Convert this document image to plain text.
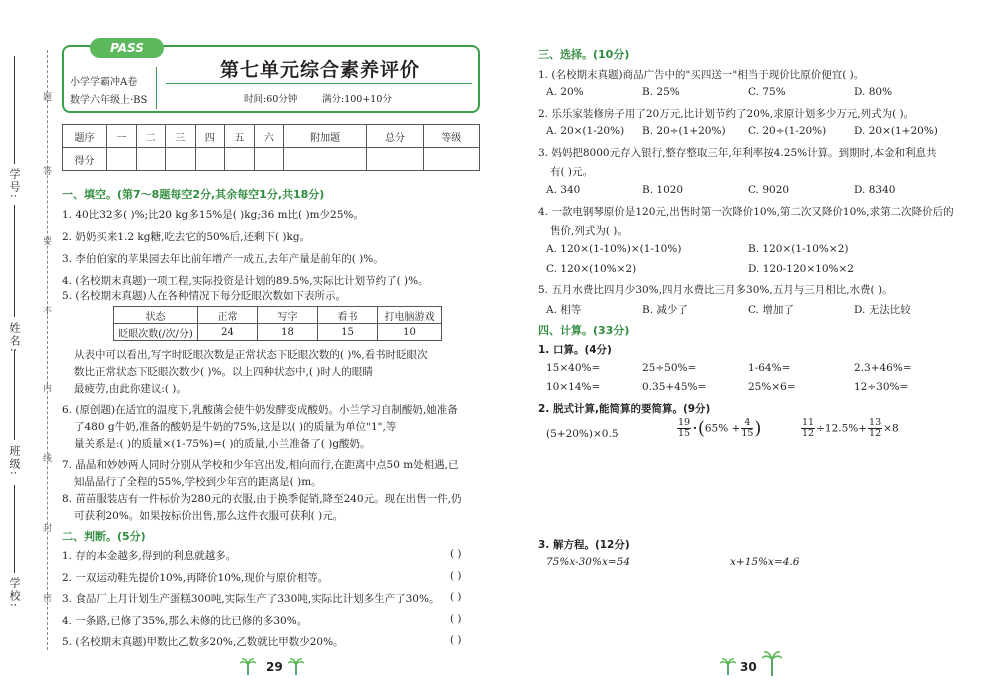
学号:
姓名:
班级:
学校:
题
答
要
不
内
线
封
密
PASS
小学学霸冲A卷
数学六年级上·BS
第七单元综合素养评价
时间:60分钟	满分:100+10分
题序	一	二	三	四	五	六	附加题	总分	等级
得分									
一、填空。(第7～8题每空2分,其余每空1分,共18分)
1. 40比32多( )%;比20 kg多15%是( )kg;36 m比( )m少25%。
2. 奶奶买来1.2 kg糖,吃去它的50%后,还剩下( )kg。
3. 李伯伯家的苹果园去年比前年增产一成五,去年产量是前年的( )%。
4. (名校期末真题)一项工程,实际投资是计划的89.5%,实际比计划节约了( )%。
5. (名校期末真题)人在各种情况下每分眨眼次数如下表所示。
状态	正常	写字	看书	打电脑游戏
眨眼次数(/次/分)	24	18	15	10
从表中可以看出,写字时眨眼次数是正常状态下眨眼次数的( )%,看书时眨眼次
数比正常状态下眨眼次数少( )%。以上四种状态中,( )时人的眼睛
最疲劳,由此你建议:( )。
6. (原创题)在适宜的温度下,乳酸菌会使牛奶发酵变成酸奶。小兰学习自制酸奶,她准备
了480 g牛奶,准备的酸奶是牛奶的75%,这是以( )的质量为单位"1",等
量关系是:( )的质量×(1-75%)=( )的质量,小兰准备了( )g酸奶。
7. 晶晶和妙妙两人同时分别从学校和少年宫出发,相向而行,在距离中点50 m处相遇,已
知晶晶行了全程的55%,学校到少年宫的距离是( )m。
8. 苗苗服装店有一件标价为280元的衣服,由于换季促销,降至240元。现在出售一件,仍
可获利20%。如果按标价出售,那么这件衣服可获利( )元。
二、判断。(5分)
1. 存的本金越多,得到的利息就越多。
2. 一双运动鞋先提价10%,再降价10%,现价与原价相等。
3. 食品厂上月计划生产蛋糕300吨,实际生产了330吨,实际比计划多生产了30%。
4. 一条路,已修了35%,那么未修的比已修的多30%。
5. (名校期末真题)甲数比乙数多20%,乙数就比甲数少20%。
( )
( )
( )
( )
( )
29
三、选择。(10分)
1. (名校期末真题)商品广告中的"买四送一"相当于现价比原价便宜( )。
A. 20%	B. 25%	C. 75%	D. 80%
2. 乐乐家装修房子用了20万元,比计划节约了20%,求原计划多少万元,列式为( )。
A. 20×(1-20%) B. 20÷(1+20%) C. 20÷(1-20%)	D. 20×(1+20%)
3. 妈妈把8000元存入银行,整存整取三年,年利率按4.25%计算。到期时,本金和利息共
有( )元。
A. 340	B. 1020	C. 9020	D. 8340
4. 一款电钢琴原价是120元,出售时第一次降价10%,第二次又降价10%,求第二次降价后的
售价,列式为( )。
A. 120×(1-10%)×(1-10%)	B. 120×(1-10%×2)
C. 120×(10%×2)	D. 120-120×10%×2
5. 五月水费比四月少30%,四月水费比三月多30%,五月与三月相比,水费( )。
A. 相等	B. 减少了	C. 增加了	D. 无法比较
四、计算。(33分)
1. 口算。(4分)
15×40%=	25÷50%=	1-64%=	2.3+46%=
10×14%=	0.35+45%=	25%×6=	12÷30%=
2. 脱式计算,能简算的要简算。(9分)
(5+20%)×0.5	$\frac{19}{15} \cdot(65\% + \frac{4}{15}$ )	$\frac{11}{12} \div 12.5\%+ \frac{13}{12} \times 8$
3. 解方程。(12分)
75%x-30%x=54	x+15%x=4.6
30
